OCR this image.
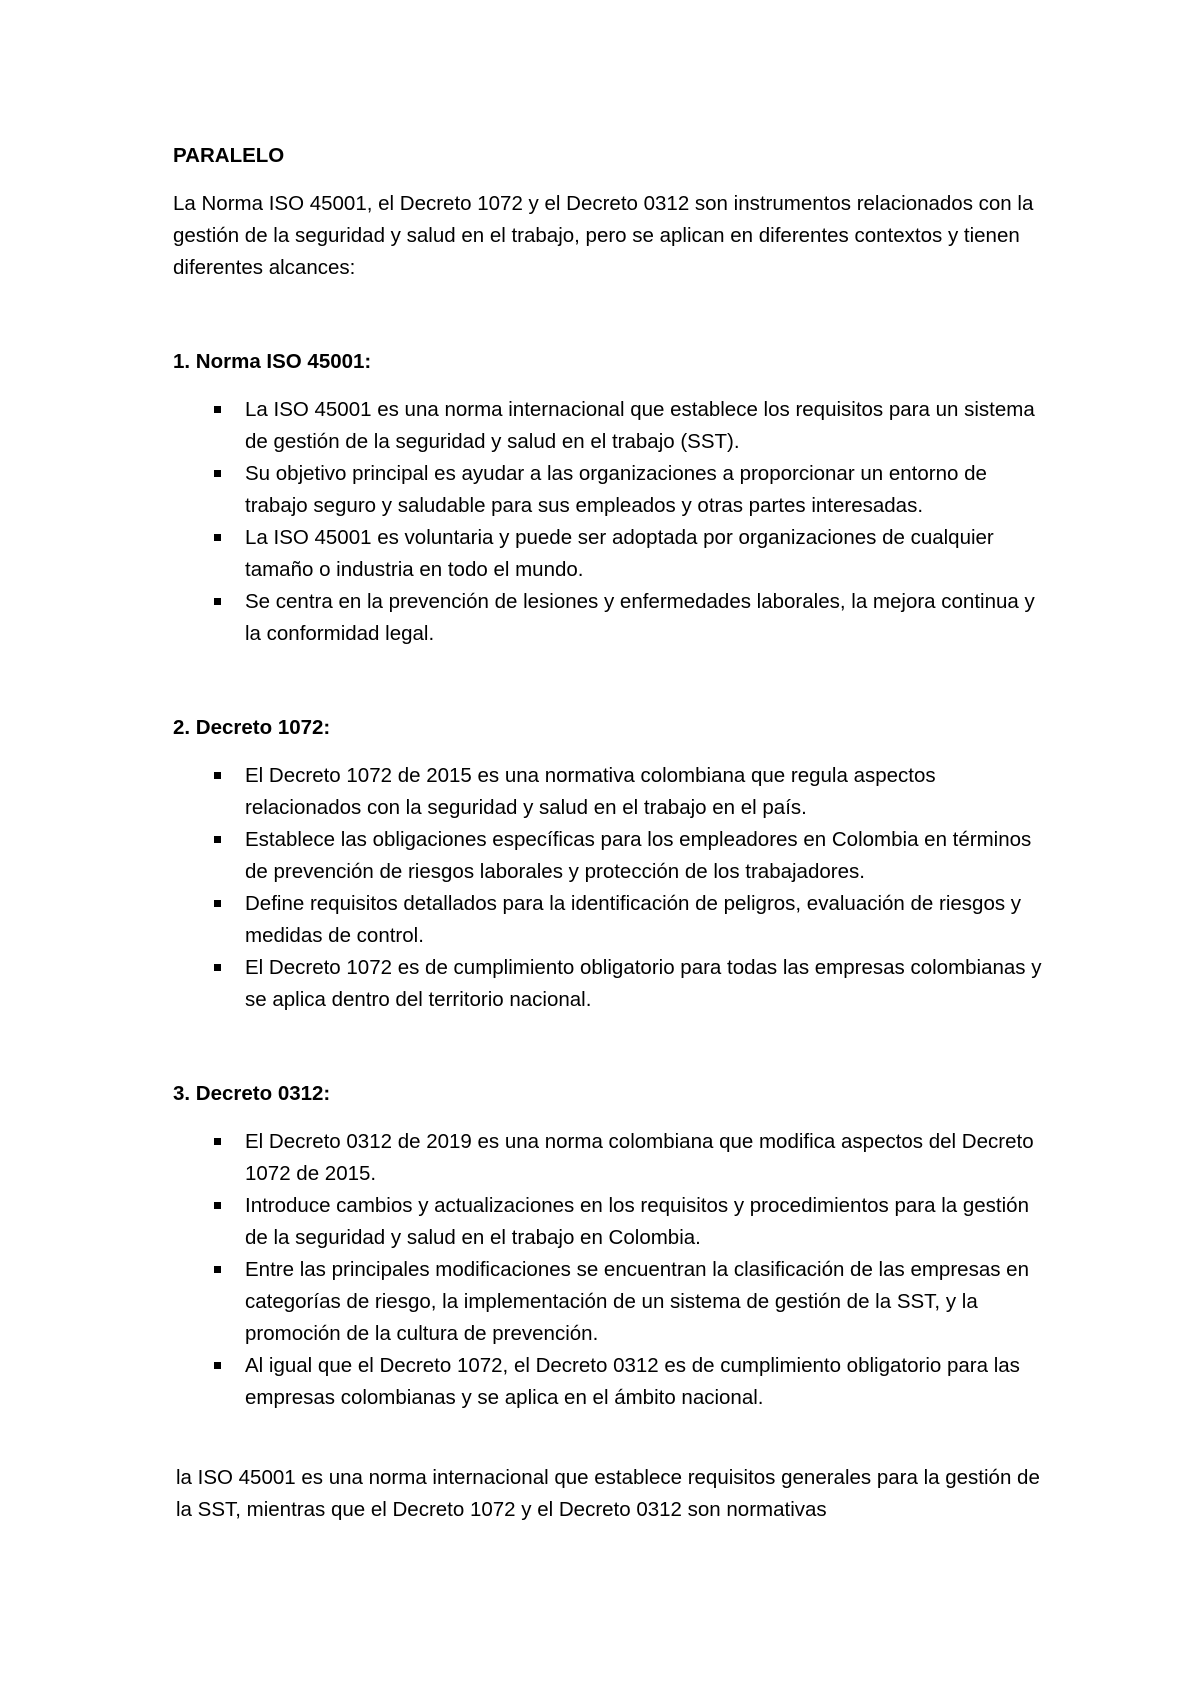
PARALELO

La Norma ISO 45001, el Decreto 1072 y el Decreto 0312 son instrumentos relacionados con la gestión de la seguridad y salud en el trabajo, pero se aplican en diferentes contextos y tienen diferentes alcances:

1. Norma ISO 45001:

La ISO 45001 es una norma internacional que establece los requisitos para un sistema de gestión de la seguridad y salud en el trabajo (SST).
Su objetivo principal es ayudar a las organizaciones a proporcionar un entorno de trabajo seguro y saludable para sus empleados y otras partes interesadas.
La ISO 45001 es voluntaria y puede ser adoptada por organizaciones de cualquier tamaño o industria en todo el mundo.
Se centra en la prevención de lesiones y enfermedades laborales, la mejora continua y la conformidad legal.

2. Decreto 1072:

El Decreto 1072 de 2015 es una normativa colombiana que regula aspectos relacionados con la seguridad y salud en el trabajo en el país.
Establece las obligaciones específicas para los empleadores en Colombia en términos de prevención de riesgos laborales y protección de los trabajadores.
Define requisitos detallados para la identificación de peligros, evaluación de riesgos y medidas de control.
El Decreto 1072 es de cumplimiento obligatorio para todas las empresas colombianas y se aplica dentro del territorio nacional.

3. Decreto 0312:

El Decreto 0312 de 2019 es una norma colombiana que modifica aspectos del Decreto 1072 de 2015.
Introduce cambios y actualizaciones en los requisitos y procedimientos para la gestión de la seguridad y salud en el trabajo en Colombia.
Entre las principales modificaciones se encuentran la clasificación de las empresas en categorías de riesgo, la implementación de un sistema de gestión de la SST, y la promoción de la cultura de prevención.
Al igual que el Decreto 1072, el Decreto 0312 es de cumplimiento obligatorio para las empresas colombianas y se aplica en el ámbito nacional.

la ISO 45001 es una norma internacional que establece requisitos generales para la gestión de la SST, mientras que el Decreto 1072 y el Decreto 0312 son normativas
